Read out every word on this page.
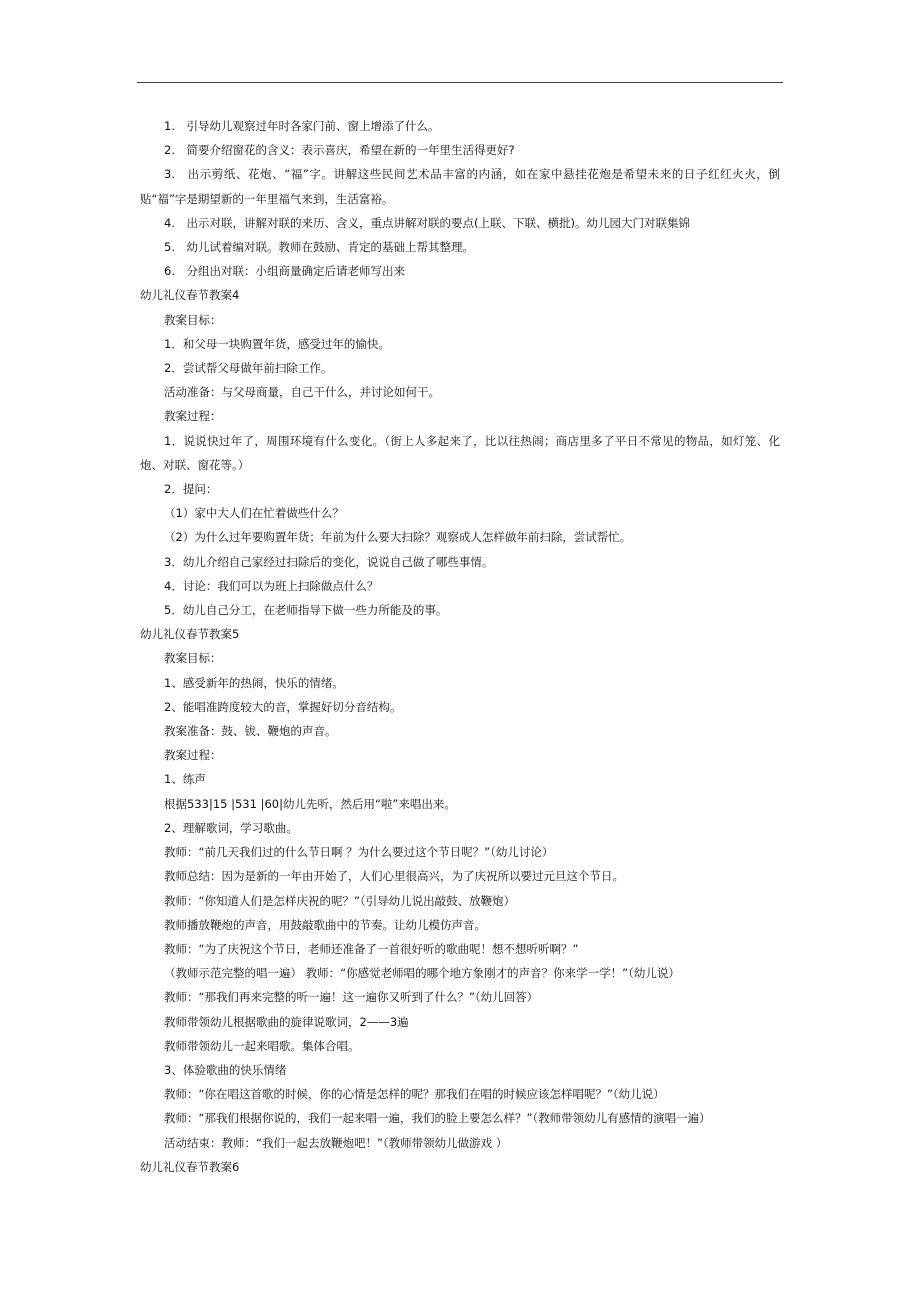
1.　引导幼儿观察过年时各家门前、窗上增添了什么。
2.　简要介绍窗花的含义：表示喜庆，希望在新的一年里生活得更好?
3.　出示剪纸、花炮、“福”字。讲解这些民间艺术品丰富的内涵，如在家中悬挂花炮是希望未来的日子红红火火，倒贴“福”字是期望新的一年里福气来到，生活富裕。
4.　出示对联，讲解对联的来历、含义，重点讲解对联的要点(上联、下联、横批)。幼儿园大门对联集锦
5.　幼儿试着编对联。教师在鼓励、肯定的基础上帮其整理。
6.　分组出对联：小组商量确定后请老师写出来
幼儿礼仪春节教案4
教案目标：
1．和父母一块购置年货，感受过年的愉快。
2．尝试帮父母做年前扫除工作。
活动准备：与父母商量，自己干什么，并讨论如何干。
教案过程：
1．说说快过年了，周围环境有什么变化。（街上人多起来了，比以往热闹；商店里多了平日不常见的物品，如灯笼、化炮、对联、窗花等。）
2．提问：
（1）家中大人们在忙着做些什么？
（2）为什么过年要购置年货；年前为什么要大扫除？观察成人怎样做年前扫除，尝试帮忙。
3．幼儿介绍自己家经过扫除后的变化，说说自己做了哪些事情。
4．讨论：我们可以为班上扫除做点什么？
5．幼儿自己分工，在老师指导下做一些力所能及的事。
幼儿礼仪春节教案5
教案目标：
1、感受新年的热闹，快乐的情绪。
2、能唱准跨度较大的音，掌握好切分音结构。
教案准备：鼓、钹、鞭炮的声音。
教案过程：
1、练声
根据533|15 |531 |60|幼儿先听，然后用“啦”来唱出来。
2、理解歌词，学习歌曲。
教师：“前几天我们过的什么节日啊 ？为什么要过这个节日呢？”（幼儿讨论）
教师总结：因为是新的一年由开始了，人们心里很高兴，为了庆祝所以要过元旦这个节日。
教师：“你知道人们是怎样庆祝的呢？”（引导幼儿说出敲鼓、放鞭炮）
教师播放鞭炮的声音，用鼓敲歌曲中的节奏。让幼儿模仿声音。
教师：“为了庆祝这个节日，老师还准备了一首很好听的歌曲呢！想不想听听啊？”
（教师示范完整的唱一遍） 教师：“你感觉老师唱的哪个地方象刚才的声音？你来学一学！”（幼儿说）
教师：“那我们再来完整的听一遍！这一遍你又听到了什么？”（幼儿回答）
教师带领幼儿根据歌曲的旋律说歌词，2——3遍
教师带领幼儿一起来唱歌。集体合唱。
3、体验歌曲的快乐情绪
教师：“你在唱这首歌的时候，你的心情是怎样的呢？那我们在唱的时候应该怎样唱呢？”（幼儿说）
教师：“那我们根据你说的，我们一起来唱一遍，我们的脸上要怎么样？”（教师带领幼儿有感情的演唱一遍）
活动结束：教师：“我们一起去放鞭炮吧！”（教师带领幼儿做游戏 ）
幼儿礼仪春节教案6
